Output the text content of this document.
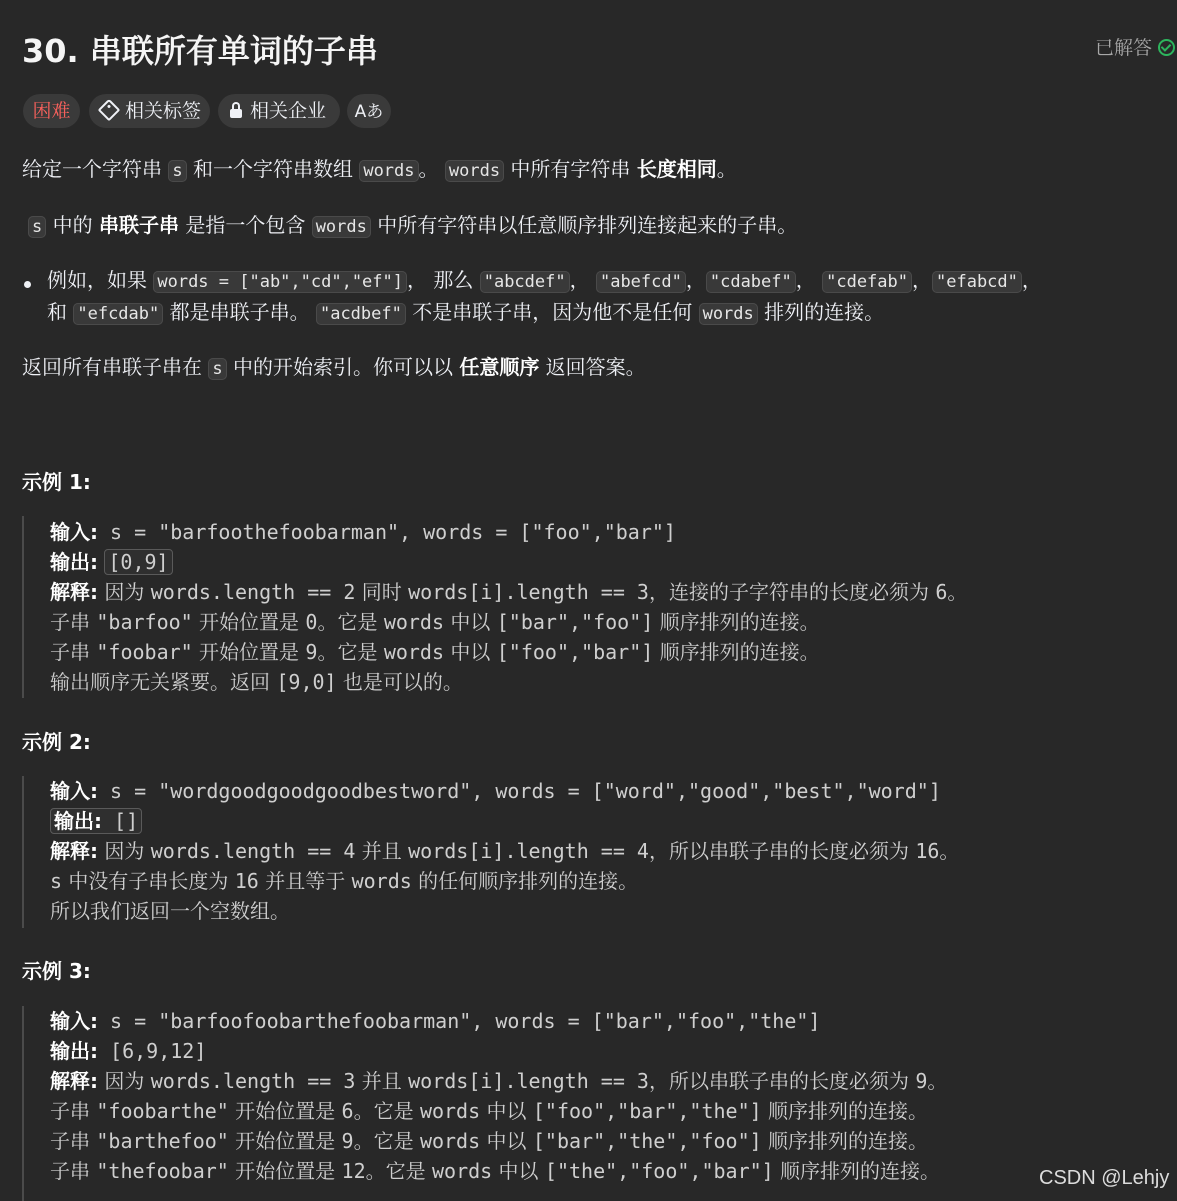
30. 串联所有单词的子串	已解答
困难	相关标签	相关企业	Aあ
给定一个字符串 s 和一个字符串数组 words 。 words 中所有字符串 长度相同。
s 中的 串联子串 是指一个包含 words 中所有字符串以任意顺序排列连接起来的子串。
例如，如果 words = ["ab","cd","ef"] ， 那么 "abcdef" ， "abefcd" ， "cdabef" ， "cdefab" ， "efabcd" ，
和 "efcdab" 都是串联子串。 "acdbef" 不是串联子串，因为他不是任何 words 排列的连接。
返回所有串联子串在 s 中的开始索引。你可以以 任意顺序 返回答案。
示例 1:
输入: s = "barfoothefoobarman", words = ["foo","bar"]
输出: [0,9]
解释: 因为 words.length == 2 同时 words[i].length == 3，连接的子字符串的长度必须为 6。
子串 "barfoo" 开始位置是 0。它是 words 中以 ["bar","foo"] 顺序排列的连接。
子串 "foobar" 开始位置是 9。它是 words 中以 ["foo","bar"] 顺序排列的连接。
输出顺序无关紧要。返回 [9,0] 也是可以的。
示例 2:
输入: s = "wordgoodgoodgoodbestword", words = ["word","good","best","word"]
输出: []
解释: 因为 words.length == 4 并且 words[i].length == 4，所以串联子串的长度必须为 16。
s 中没有子串长度为 16 并且等于 words 的任何顺序排列的连接。
所以我们返回一个空数组。
示例 3:
输入: s = "barfoofoobarthefoobarman", words = ["bar","foo","the"]
输出: [6,9,12]
解释: 因为 words.length == 3 并且 words[i].length == 3，所以串联子串的长度必须为 9。
子串 "foobarthe" 开始位置是 6。它是 words 中以 ["foo","bar","the"] 顺序排列的连接。
子串 "barthefoo" 开始位置是 9。它是 words 中以 ["bar","the","foo"] 顺序排列的连接。
子串 "thefoobar" 开始位置是 12。它是 words 中以 ["the","foo","bar"] 顺序排列的连接。	CSDN @Lehjy
